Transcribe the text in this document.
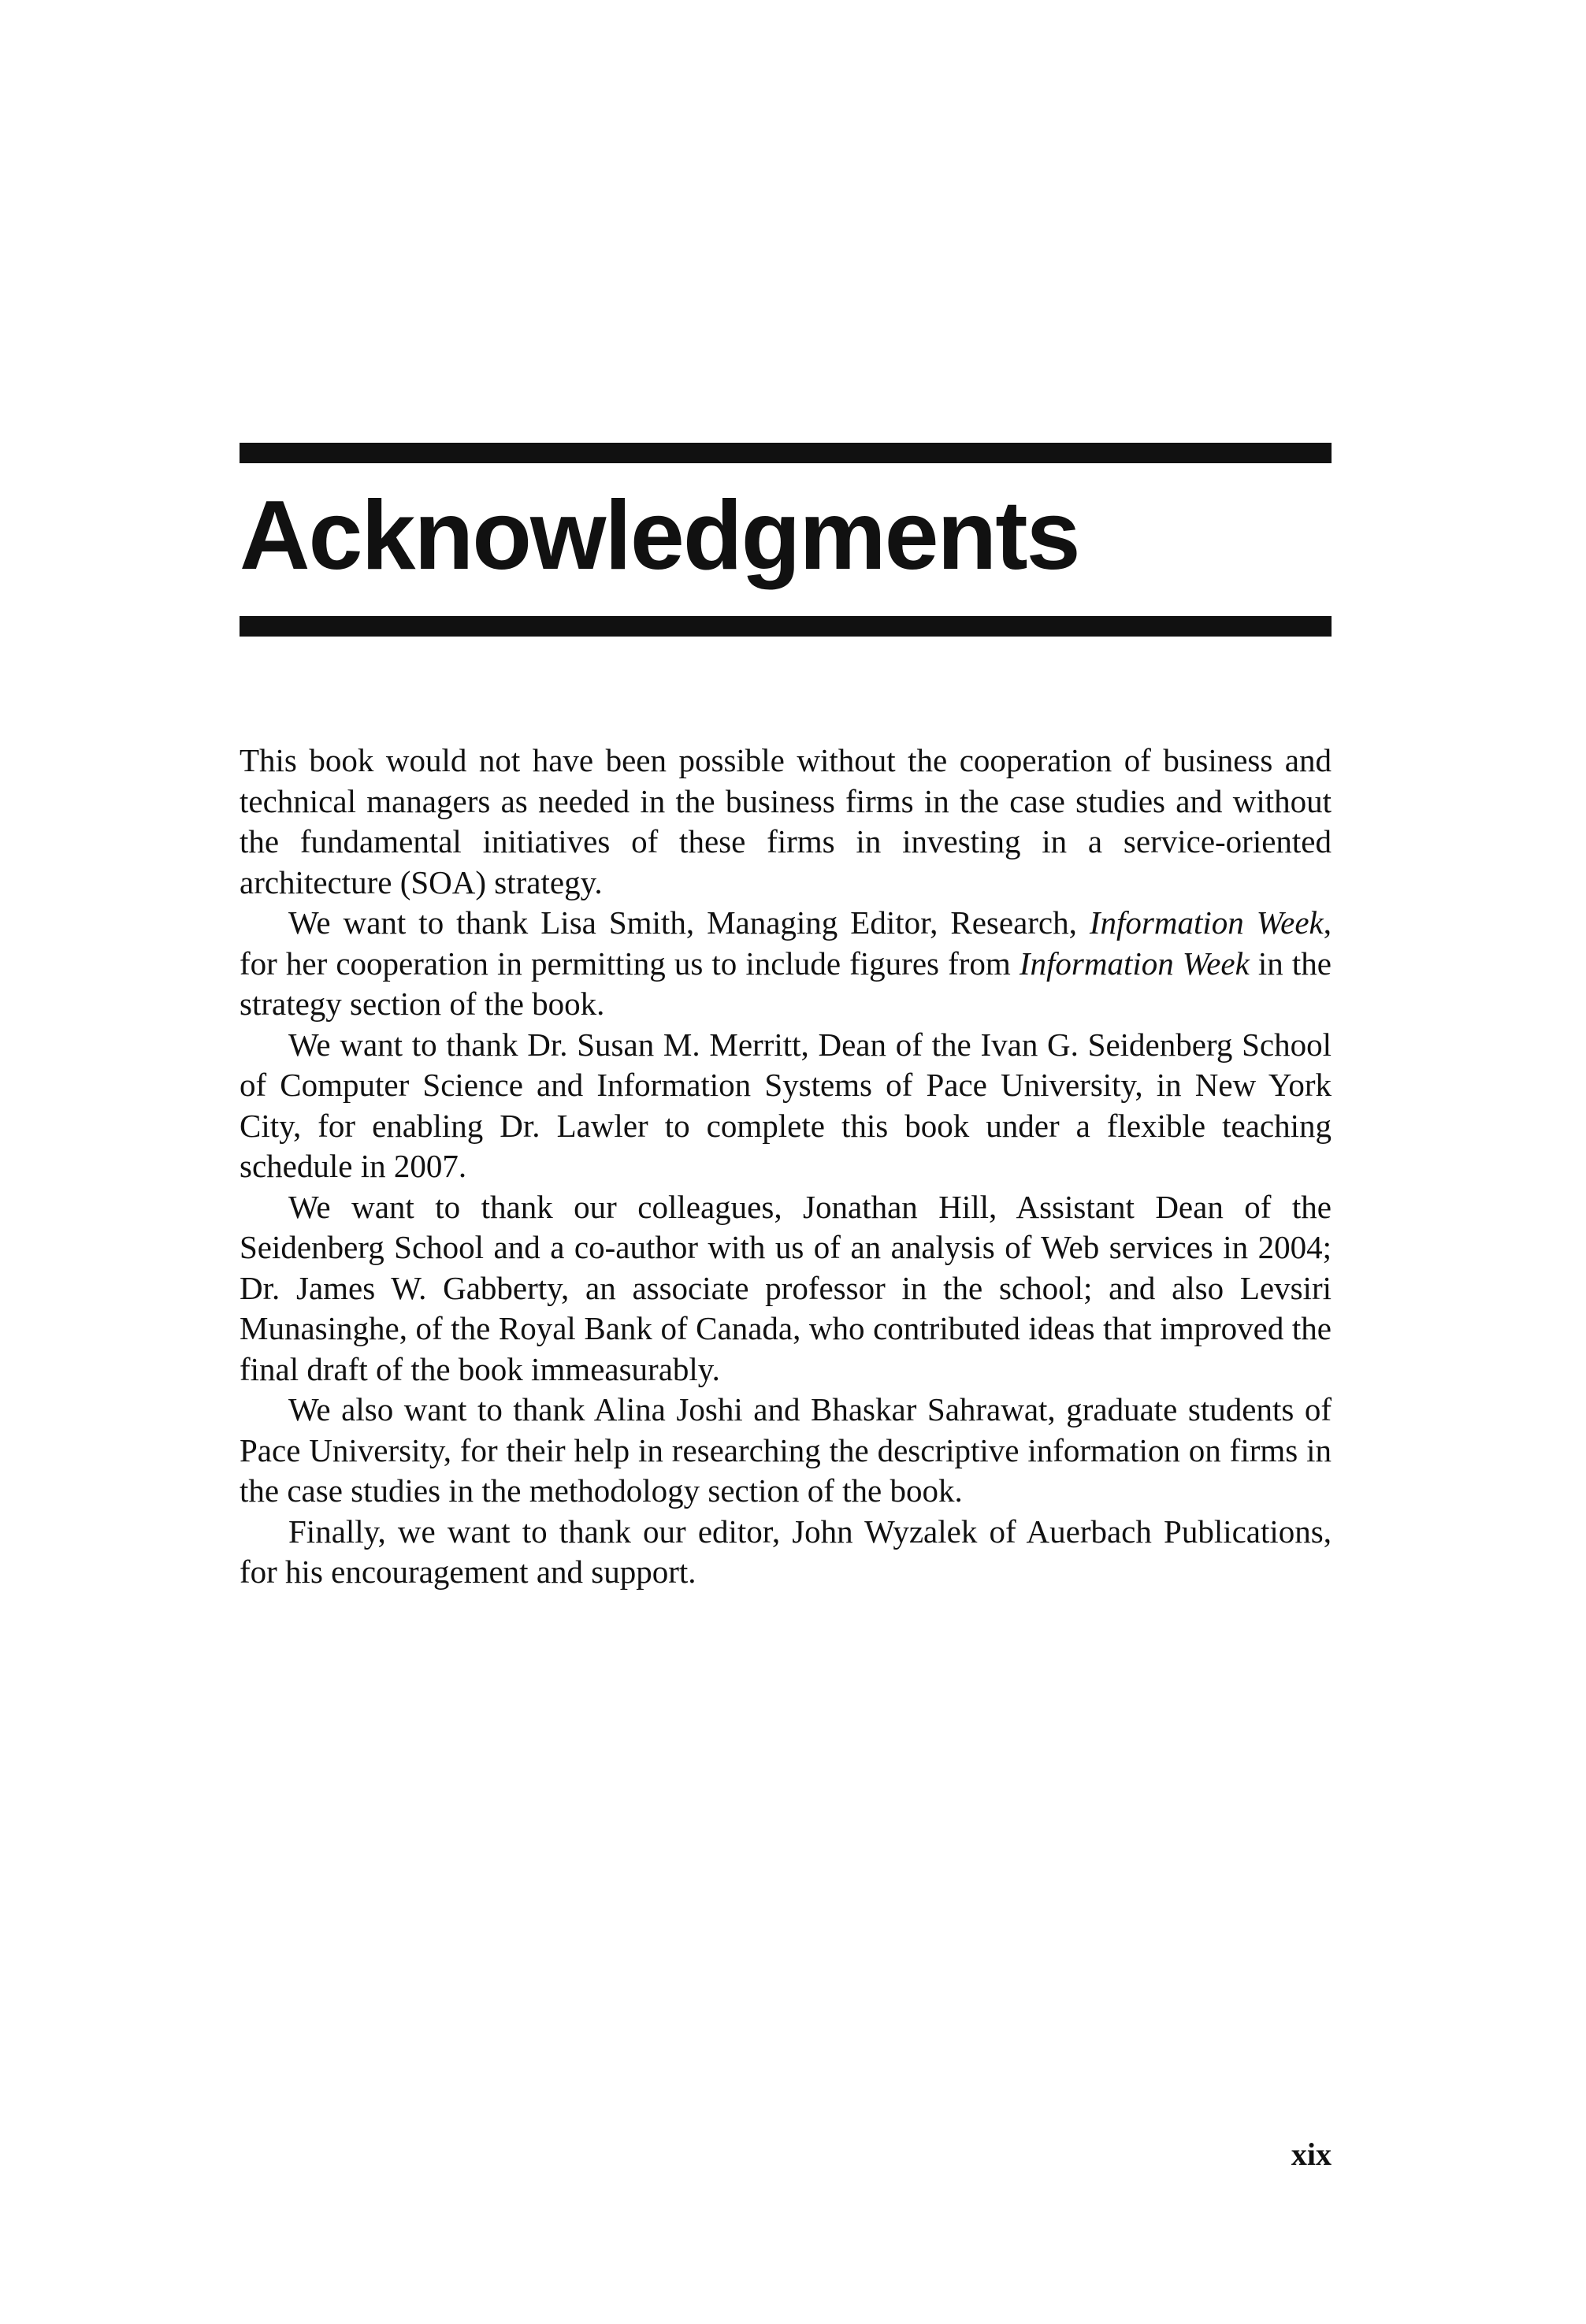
Acknowledgments

This book would not have been possible without the cooperation of business and technical managers as needed in the business firms in the case studies and without the fundamental initiatives of these firms in investing in a service-oriented architecture (SOA) strategy.

We want to thank Lisa Smith, Managing Editor, Research, Information Week, for her cooperation in permitting us to include figures from Information Week in the strategy section of the book.

We want to thank Dr. Susan M. Merritt, Dean of the Ivan G. Seidenberg School of Computer Science and Information Systems of Pace University, in New York City, for enabling Dr. Lawler to complete this book under a flexible teaching schedule in 2007.

We want to thank our colleagues, Jonathan Hill, Assistant Dean of the Seidenberg School and a co-author with us of an analysis of Web services in 2004; Dr. James W. Gabberty, an associate professor in the school; and also Levsiri Munasinghe, of the Royal Bank of Canada, who contributed ideas that improved the final draft of the book immeasurably.

We also want to thank Alina Joshi and Bhaskar Sahrawat, graduate students of Pace University, for their help in researching the descriptive information on firms in the case studies in the methodology section of the book.

Finally, we want to thank our editor, John Wyzalek of Auerbach Publications, for his encouragement and support.

xix
